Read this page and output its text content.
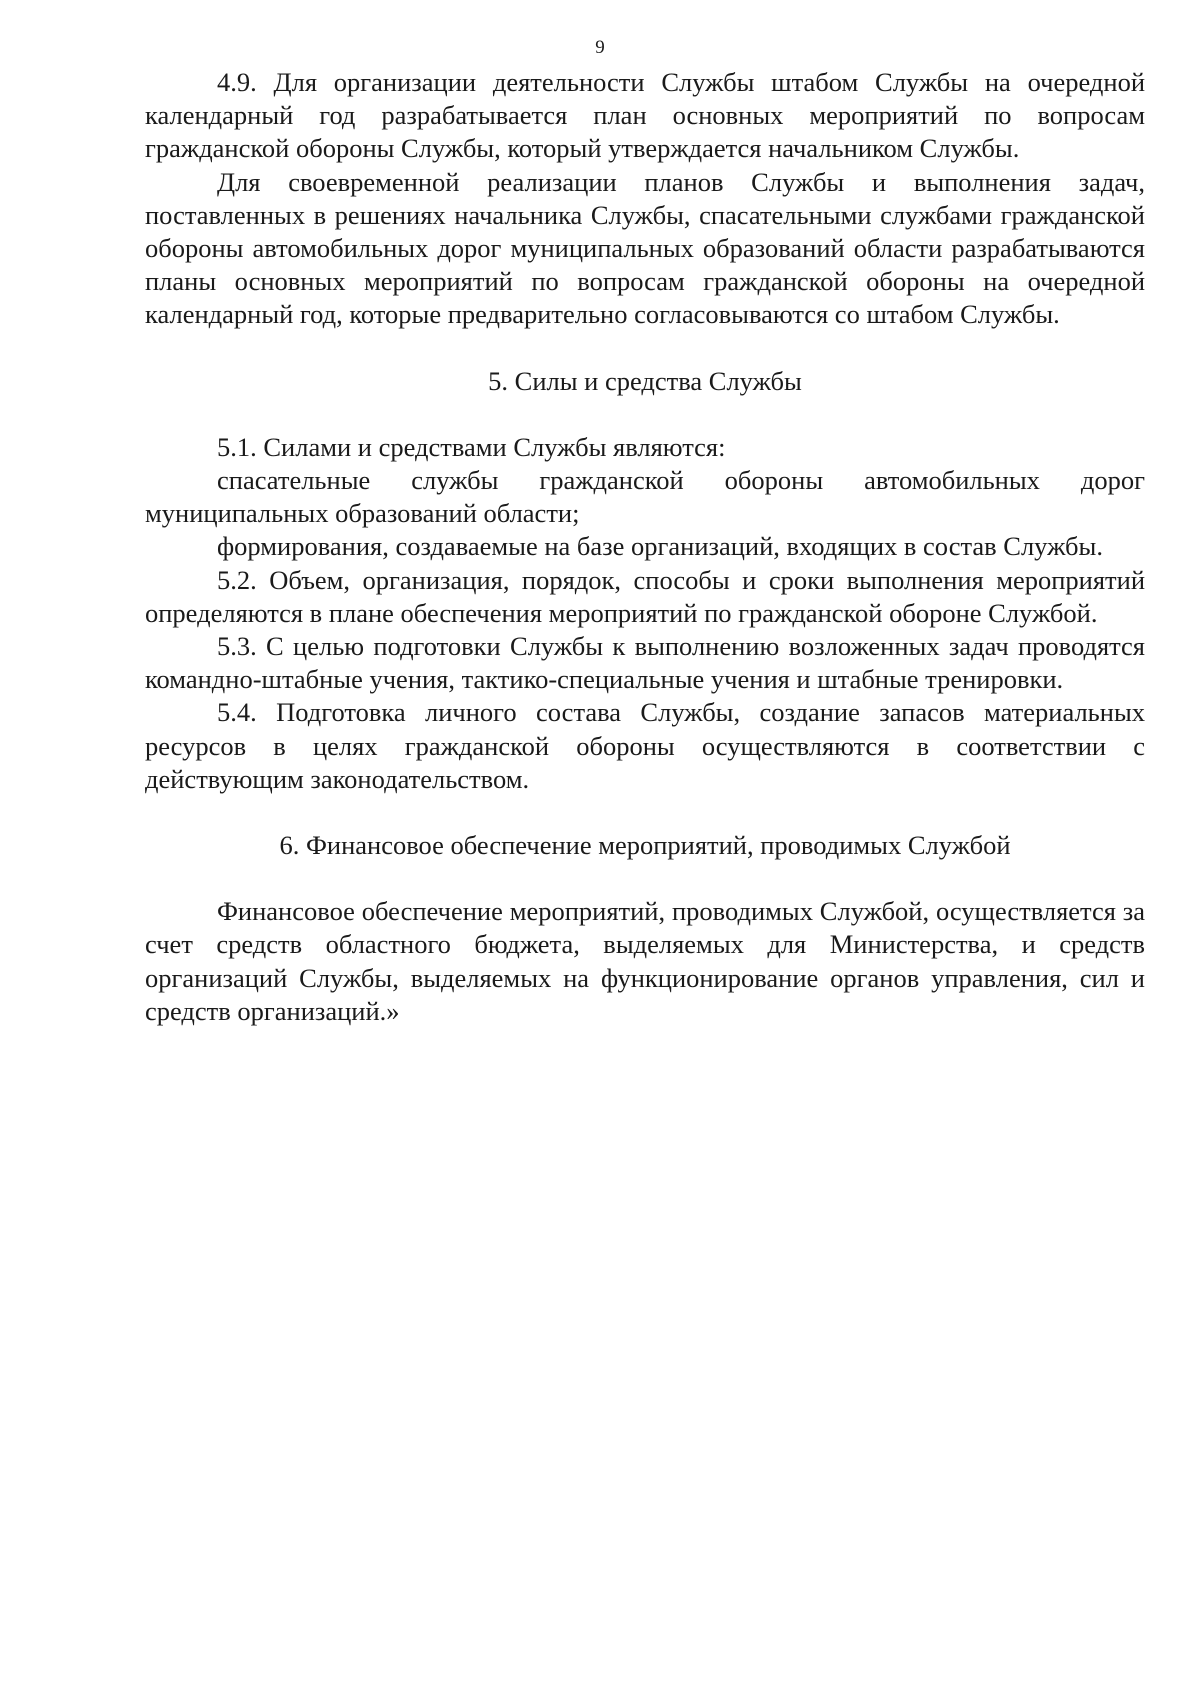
9

4.9. Для организации деятельности Службы штабом Службы на очередной календарный год разрабатывается план основных мероприятий по вопросам гражданской обороны Службы, который утверждается начальником Службы.

Для своевременной реализации планов Службы и выполнения задач, поставленных в решениях начальника Службы, спасательными службами гражданской обороны автомобильных дорог муниципальных образований области разрабатываются планы основных мероприятий по вопросам гражданской обороны на очередной календарный год, которые предварительно согласовываются со штабом Службы.

5. Силы и средства Службы

5.1. Силами и средствами Службы являются:

спасательные службы гражданской обороны автомобильных дорог муниципальных образований области;

формирования, создаваемые на базе организаций, входящих в состав Службы.

5.2. Объем, организация, порядок, способы и сроки выполнения мероприятий определяются в плане обеспечения мероприятий по гражданской обороне Службой.

5.3. С целью подготовки Службы к выполнению возложенных задач проводятся командно-штабные учения, тактико-специальные учения и штабные тренировки.

5.4. Подготовка личного состава Службы, создание запасов материальных ресурсов в целях гражданской обороны осуществляются в соответствии с действующим законодательством.

6. Финансовое обеспечение мероприятий, проводимых Службой

Финансовое обеспечение мероприятий, проводимых Службой, осуществляется за счет средств областного бюджета, выделяемых для Министерства, и средств организаций Службы, выделяемых на функционирование органов управления, сил и средств организаций.»
